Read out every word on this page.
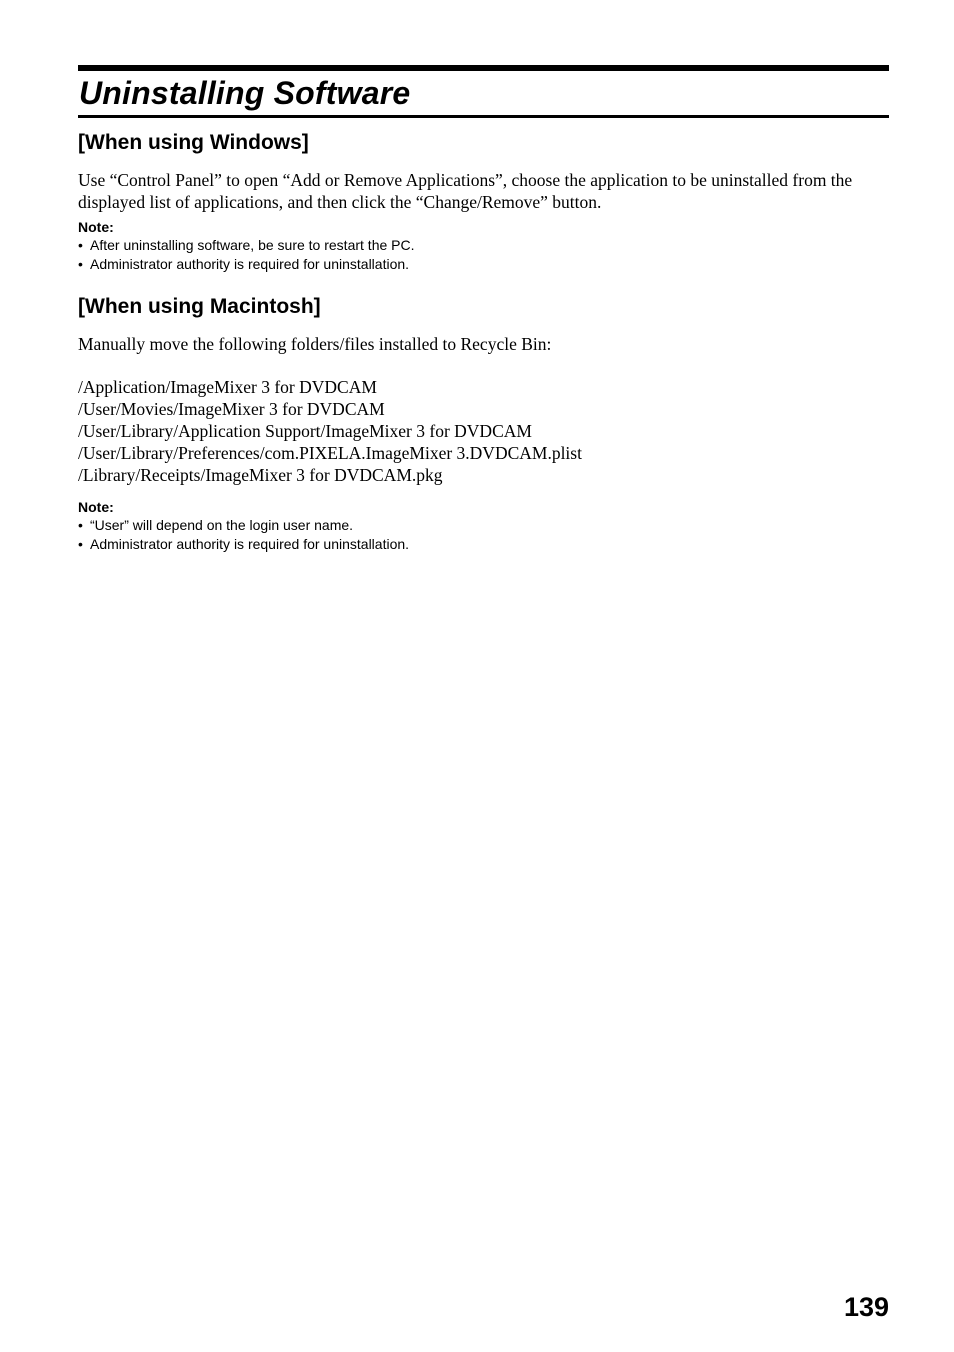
Uninstalling Software
[When using Windows]

Use “Control Panel” to open “Add or Remove Applications”, choose the application to be uninstalled from the displayed list of applications, and then click the “Change/Remove” button.

Note:

• After uninstalling software, be sure to restart the PC.
• Administrator authority is required for uninstallation.
[When using Macintosh]

Manually move the following folders/files installed to Recycle Bin:

/Application/ImageMixer 3 for DVDCAM
/User/Movies/ImageMixer 3 for DVDCAM
/User/Library/Application Support/ImageMixer 3 for DVDCAM
/User/Library/Preferences/com.PIXELA.ImageMixer 3.DVDCAM.plist
/Library/Receipts/ImageMixer 3 for DVDCAM.pkg

Note:

• “User” will depend on the login user name.
• Administrator authority is required for uninstallation.

139
